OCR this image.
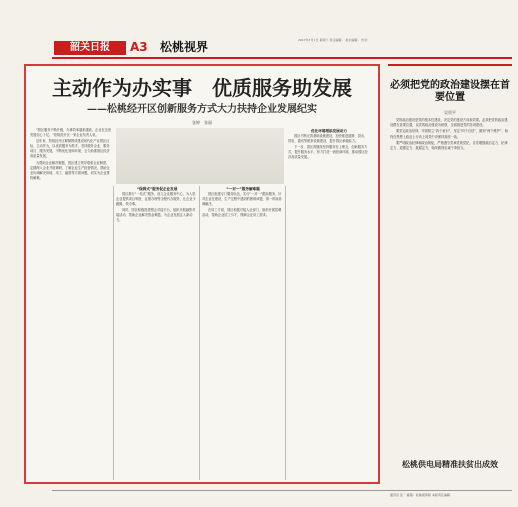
韶关日报	A3 松桃视界	2017年7月1日 星期六 责任编辑： 美术编辑： 校对：
主动作为办实事　优质服务助发展
——松桃经开区创新服务方式大力扶持企业发展纪实
张婷　张丽

“园区服务不断升级，办事效率越来越高，企业在这里发展信心十足。”松桃经开区一家企业负责人说。

近年来，松桃经开区紧紧围绕建设现代化产业园区目标，主动作为，以优质服务为抓手，坚持服务企业、服务项目、服务发展，不断优化营商环境，全力助推园区经济高质量发展。

为帮助企业解决难题，园区建立领导联系企业制度，定期深入企业开展调研，了解企业生产经营情况，帮助企业协调解决用地、用工、融资等方面问题，切实为企业排忧解难。

“保姆式”服务促企业发展

园区推行“一站式”服务，设立企业服务中心，为入驻企业提供项目审批、证照办理等全程代办服务，让企业少跑腿、快办事。

同时，园区积极搭建银企对接平台，组织开展融资对接活动，帮助企业解决资金难题，为企业发展注入新动力。

“一对一”服务解难题

园区组建专门服务队伍，实行“一对一”跟踪服务，针对企业在建设、生产过程中遇到的困难问题，第一时间协调解决。

在用工方面，园区积极对接人社部门，组织开展招聘活动，帮助企业招工引才，保障企业用工需求。

优化环境增添发展动力

园区不断完善基础设施建设，加快推进道路、供水、供电、通讯等配套设施建设，提升园区承载能力。

下一步，园区将继续坚持服务至上理念，创新服务方式，提升服务水平，努力打造一流营商环境，推动园区经济高质量发展。

必须把党的政治建设摆在首要位置
吴贵平

党的政治建设是党的根本性建设，决定党的建设方向和效果。必须把党的政治建设摆在首要位置，以党的政治建设为统领，全面推进党的各项建设。

要坚定政治信仰，牢固树立“四个意识”，坚定“四个自信”，做到“两个维护”，始终在思想上政治上行动上同党中央保持高度一致。

要严明政治纪律和政治规矩，严格遵守党章党规党纪，自觉增强政治定力、纪律定力、道德定力、抵腐定力，始终做到忠诚干净担当。

松桃供电局精准扶贫出成效
通讯员 张一 邮箱：松桃视界版 本版责任编辑
